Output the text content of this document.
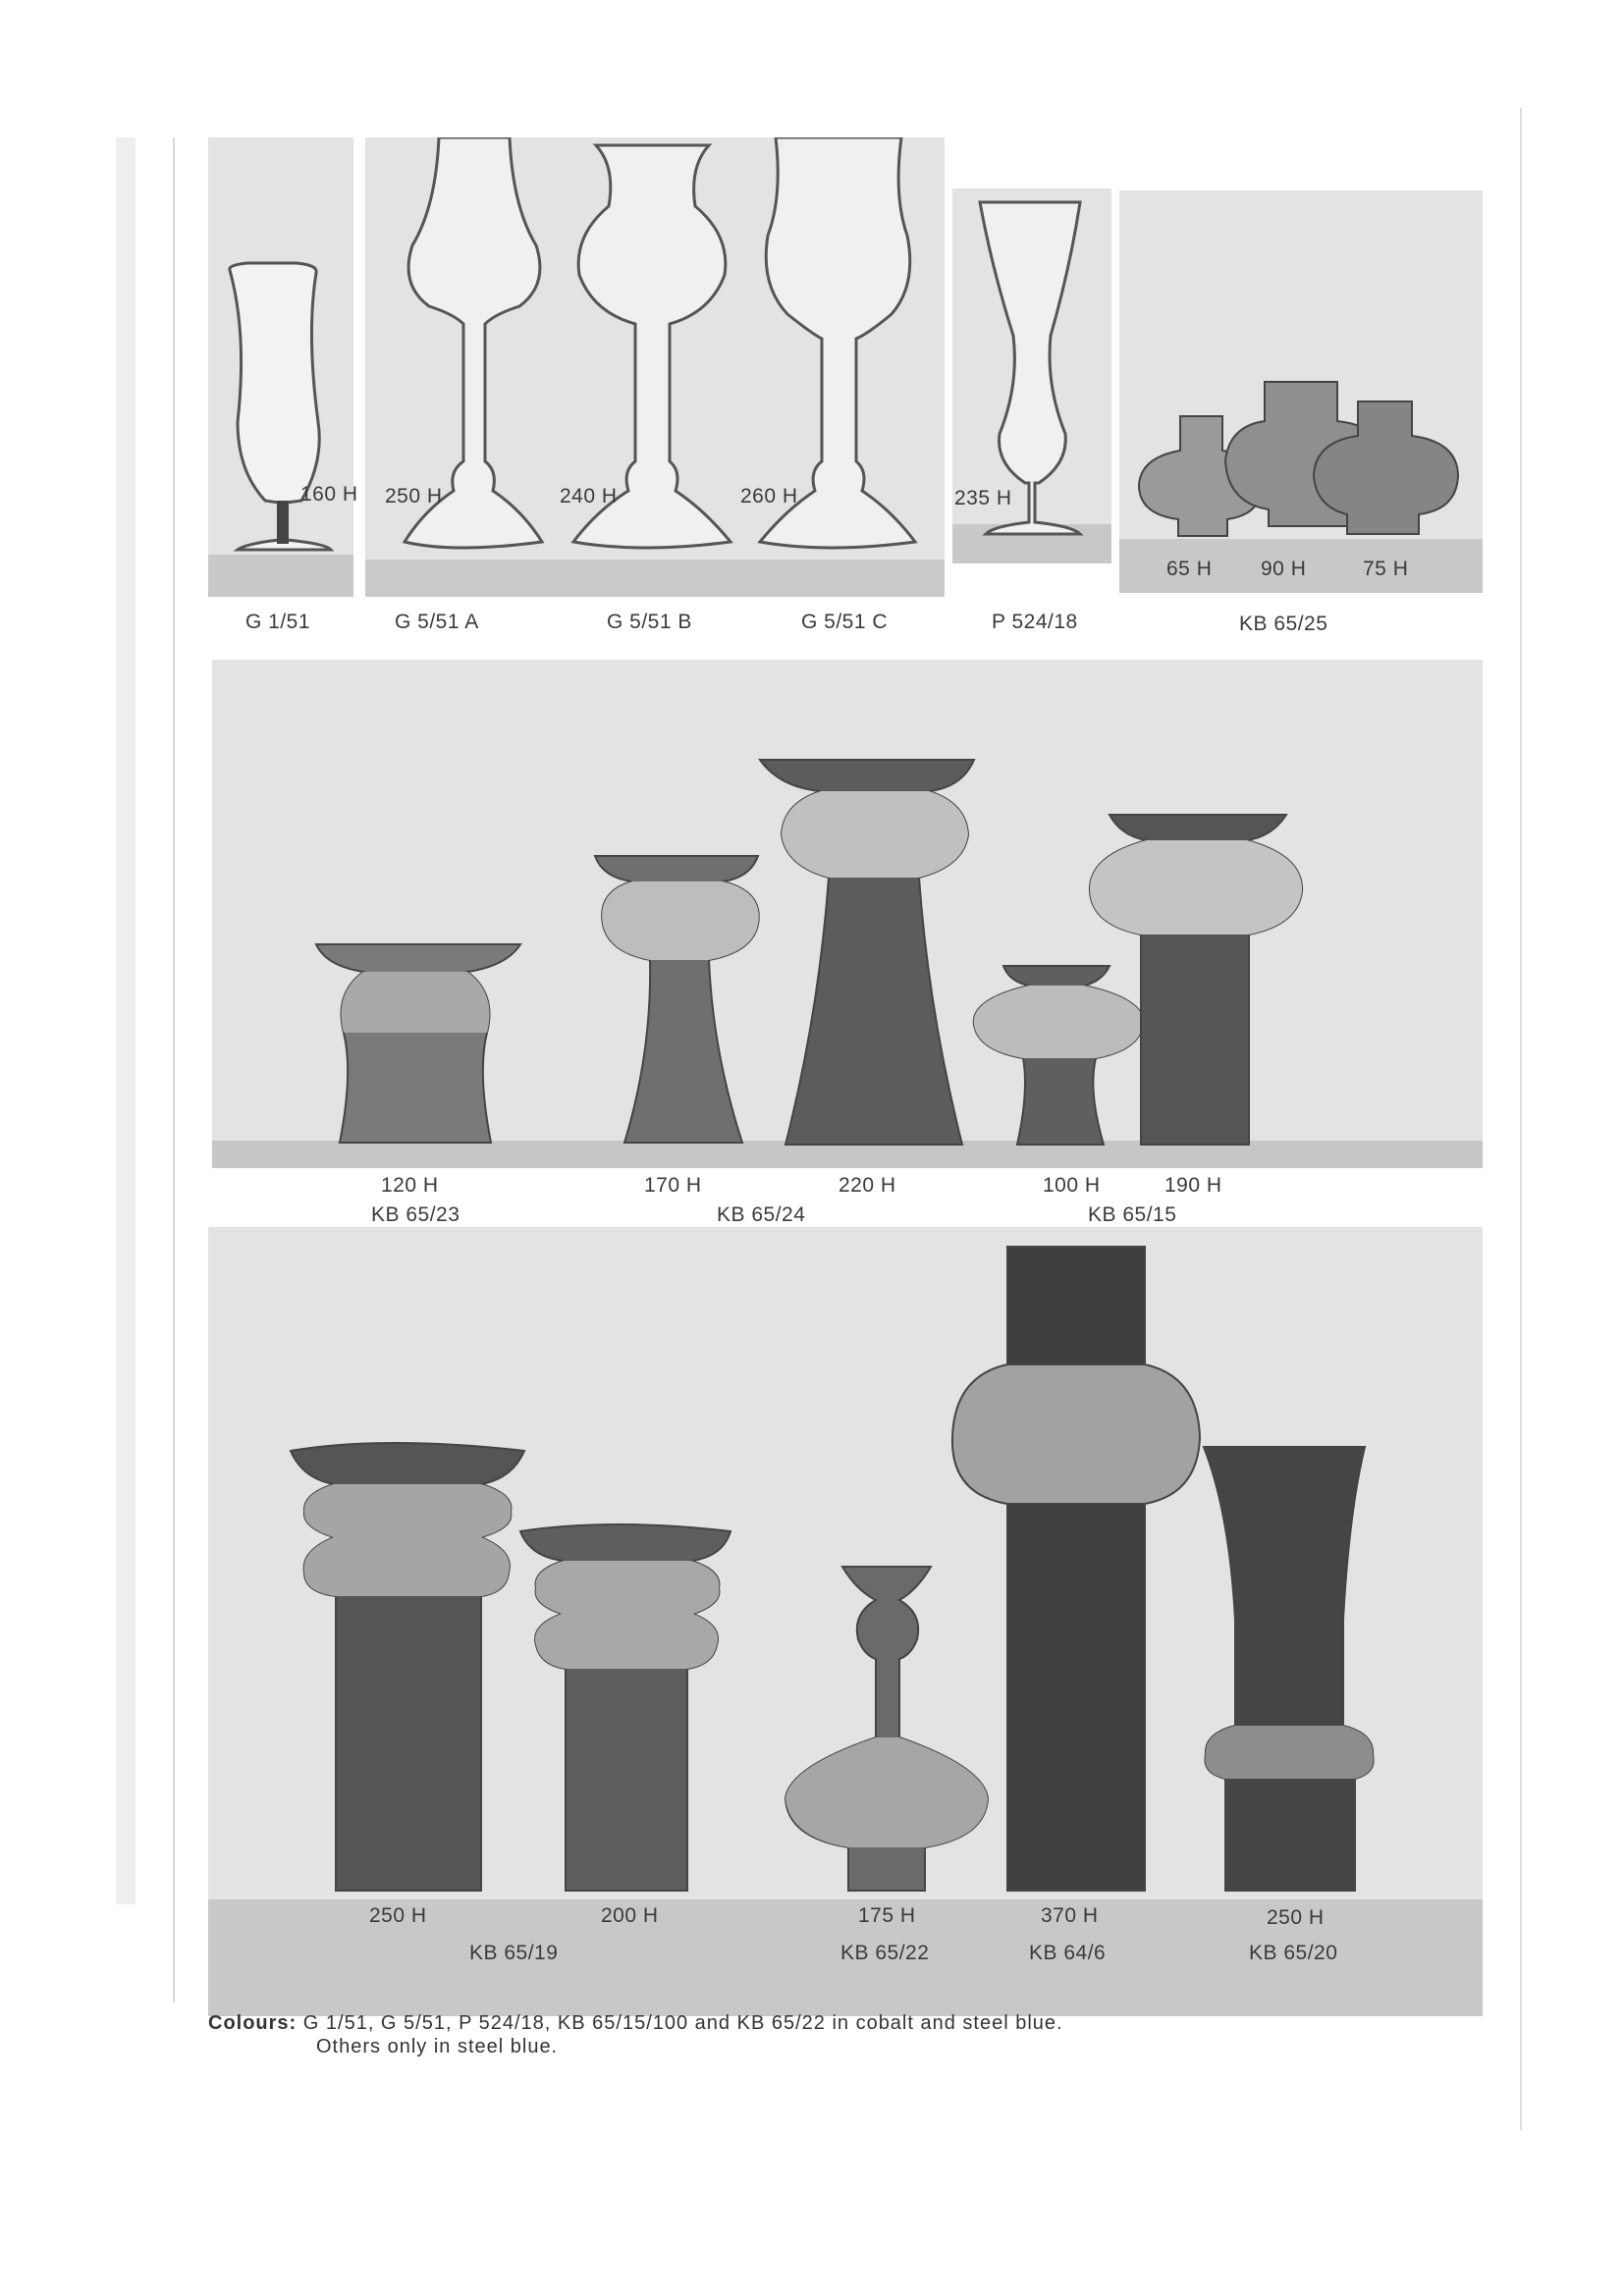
160 H 250 H	240 H	260 H	235 H
65 H 90 H	75 H
G 1/51	G 5/51 A	G 5/51 B	G 5/51 C	P 524/18	KB 65/25
120 H	170 H	220 H	100 H	190 H
KB 65/23	KB 65/24	KB 65/15
250 H	200 H	175 H	370 H	250 H
KB 65/19	KB 65/22	KB 64/6	KB 65/20
Colours: G 1/51, G 5/51, P 524/18, KB 65/15/100 and KB 65/22 in cobalt and steel blue.
Others only in steel blue.
